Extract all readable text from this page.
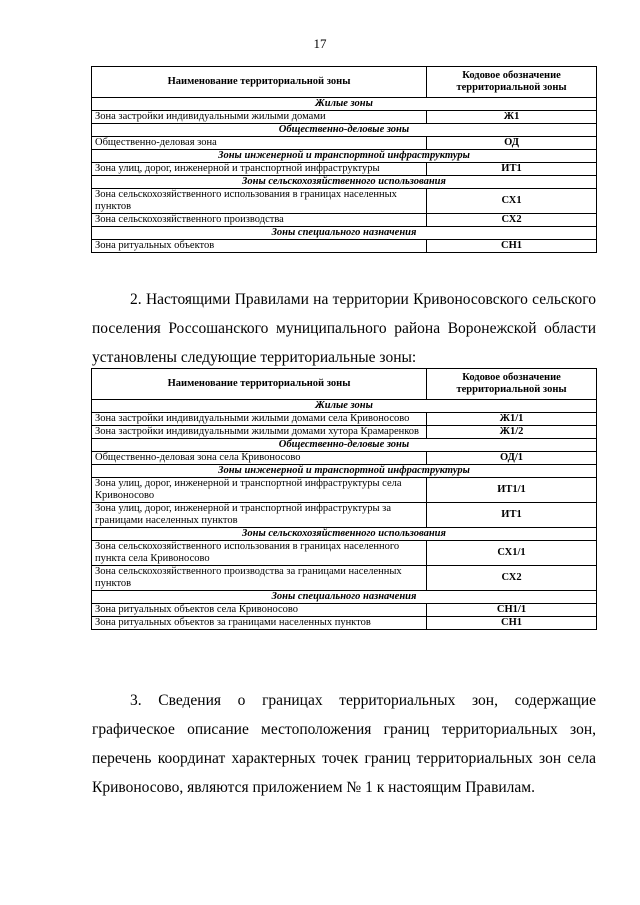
17
Наименование территориальной зоны	Кодовое обозначение территориальной зоны
Жилые зоны	
Зона застройки индивидуальными жилыми домами	Ж1
Общественно-деловые зоны	
Общественно-деловая зона	ОД
Зоны инженерной и транспортной инфраструктуры	
Зона улиц, дорог, инженерной и транспортной инфраструктуры	ИТ1
Зоны сельскохозяйственного использования	
Зона сельскохозяйственного использования в границах населенных пунктов	СХ1
Зона сельскохозяйственного производства	СХ2
Зоны специального назначения	
Зона ритуальных объектов	СН1
2. Настоящими Правилами на территории Кривоносовского сельского поселения Россошанского муниципального района Воронежской области установлены следующие территориальные зоны:
Наименование территориальной зоны	Кодовое обозначение территориальной зоны
Жилые зоны	
Зона застройки индивидуальными жилыми домами села Кривоносово	Ж1/1
Зона застройки индивидуальными жилыми домами хутора Крамаренков	Ж1/2
Общественно-деловые зоны	
Общественно-деловая зона села Кривоносово	ОД/1
Зоны инженерной и транспортной инфраструктуры	
Зона улиц, дорог, инженерной и транспортной инфраструктуры села Кривоносово	ИТ1/1
Зона улиц, дорог, инженерной и транспортной инфраструктуры за границами населенных пунктов	ИТ1
Зоны сельскохозяйственного использования	
Зона сельскохозяйственного использования в границах населенного пункта села Кривоносово	СХ1/1
Зона сельскохозяйственного производства за границами населенных пунктов	СХ2
Зоны специального назначения	
Зона ритуальных объектов села Кривоносово	СН1/1
Зона ритуальных объектов за границами населенных пунктов	СН1
3. Сведения о границах территориальных зон, содержащие графическое описание местоположения границ территориальных зон, перечень координат характерных точек границ территориальных зон села Кривоносово, являются приложением № 1 к настоящим Правилам.
